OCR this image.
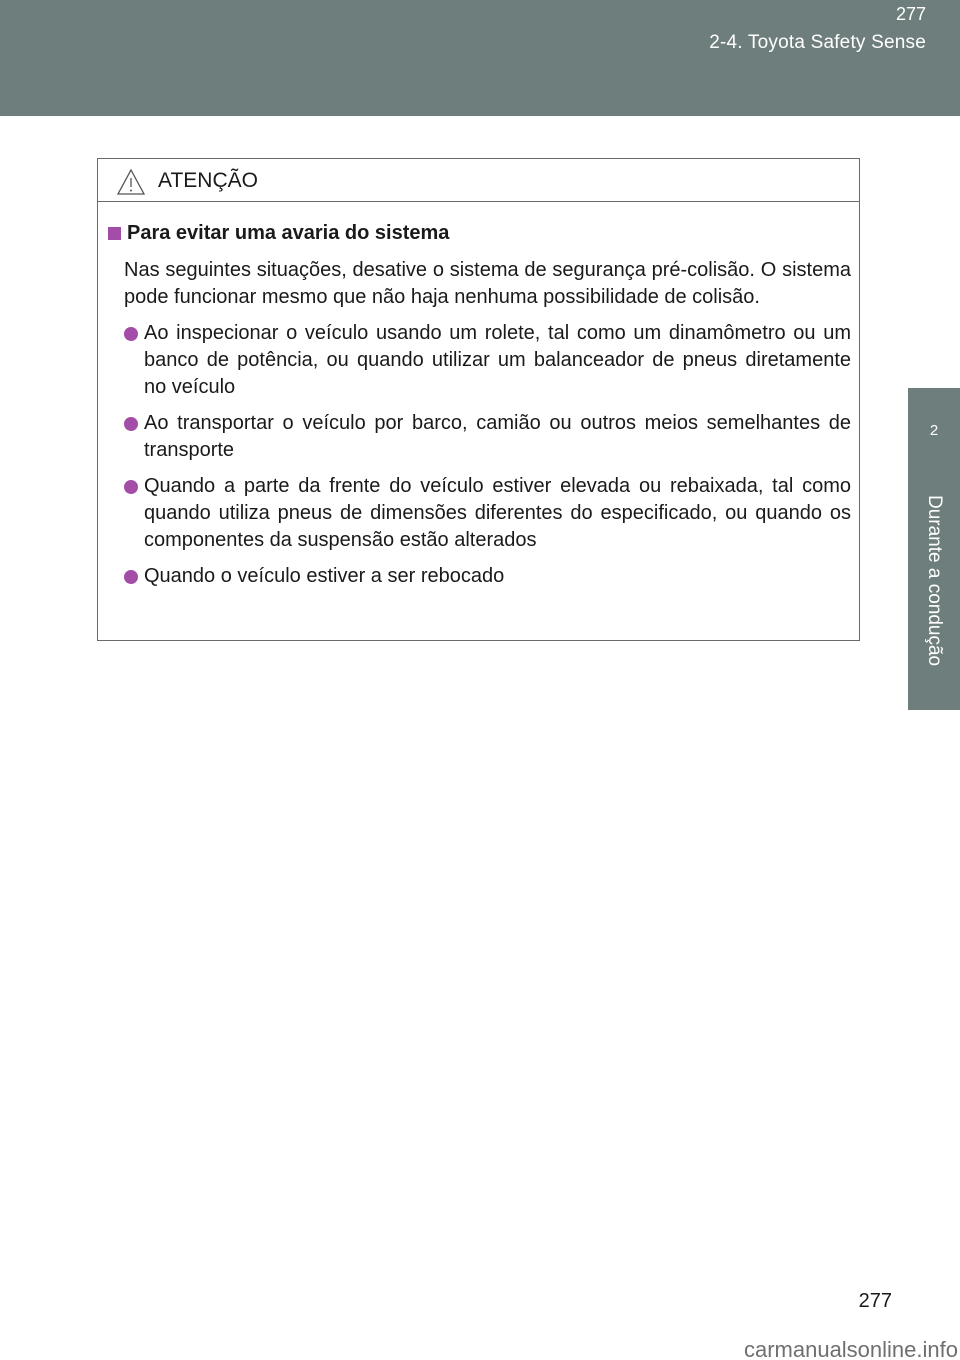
277
2-4. Toyota Safety Sense
2
Durante a condução
ATENÇÃO
Para evitar uma avaria do sistema
Nas seguintes situações, desative o sistema de segurança pré-colisão. O sistema pode funcionar mesmo que não haja nenhuma possibilidade de colisão.
Ao inspecionar o veículo usando um rolete, tal como um dinamômetro ou um banco de potência, ou quando utilizar um balanceador de pneus diretamente no veículo
Ao transportar o veículo por barco, camião ou outros meios semelhantes de transporte
Quando a parte da frente do veículo estiver elevada ou rebaixada, tal como quando utiliza pneus de dimensões diferentes do especificado, ou quando os componentes da suspensão estão alterados
Quando o veículo estiver a ser rebocado
277
carmanualsonline.info
